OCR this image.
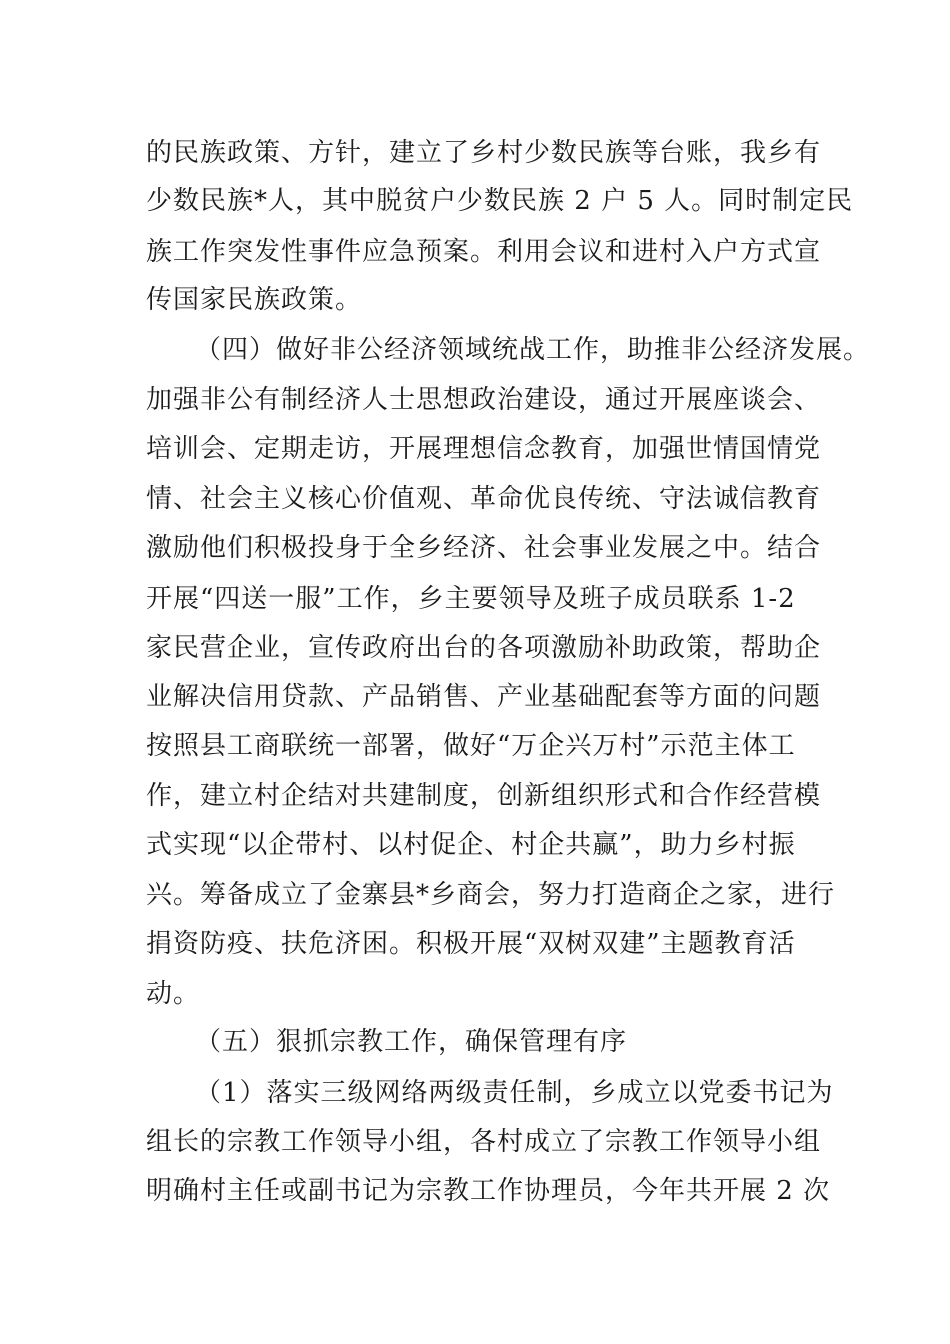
的民族政策、方针，建立了乡村少数民族等台账，我乡有
少数民族*人，其中脱贫户少数民族 2 户 5 人。同时制定民
族工作突发性事件应急预案。利用会议和进村入户方式宣
传国家民族政策。
（四）做好非公经济领域统战工作，助推非公经济发展。
加强非公有制经济人士思想政治建设，通过开展座谈会、
培训会、定期走访，开展理想信念教育，加强世情国情党
情、社会主义核心价值观、革命优良传统、守法诚信教育
激励他们积极投身于全乡经济、社会事业发展之中。结合
开展“四送一服”工作，乡主要领导及班子成员联系 1-2
家民营企业，宣传政府出台的各项激励补助政策，帮助企
业解决信用贷款、产品销售、产业基础配套等方面的问题
按照县工商联统一部署，做好“万企兴万村”示范主体工
作，建立村企结对共建制度，创新组织形式和合作经营模
式实现“以企带村、以村促企、村企共赢”，助力乡村振
兴。筹备成立了金寨县*乡商会，努力打造商企之家，进行
捐资防疫、扶危济困。积极开展“双树双建”主题教育活
动。
（五）狠抓宗教工作，确保管理有序
（1）落实三级网络两级责任制，乡成立以党委书记为
组长的宗教工作领导小组，各村成立了宗教工作领导小组
明确村主任或副书记为宗教工作协理员，今年共开展 2 次
